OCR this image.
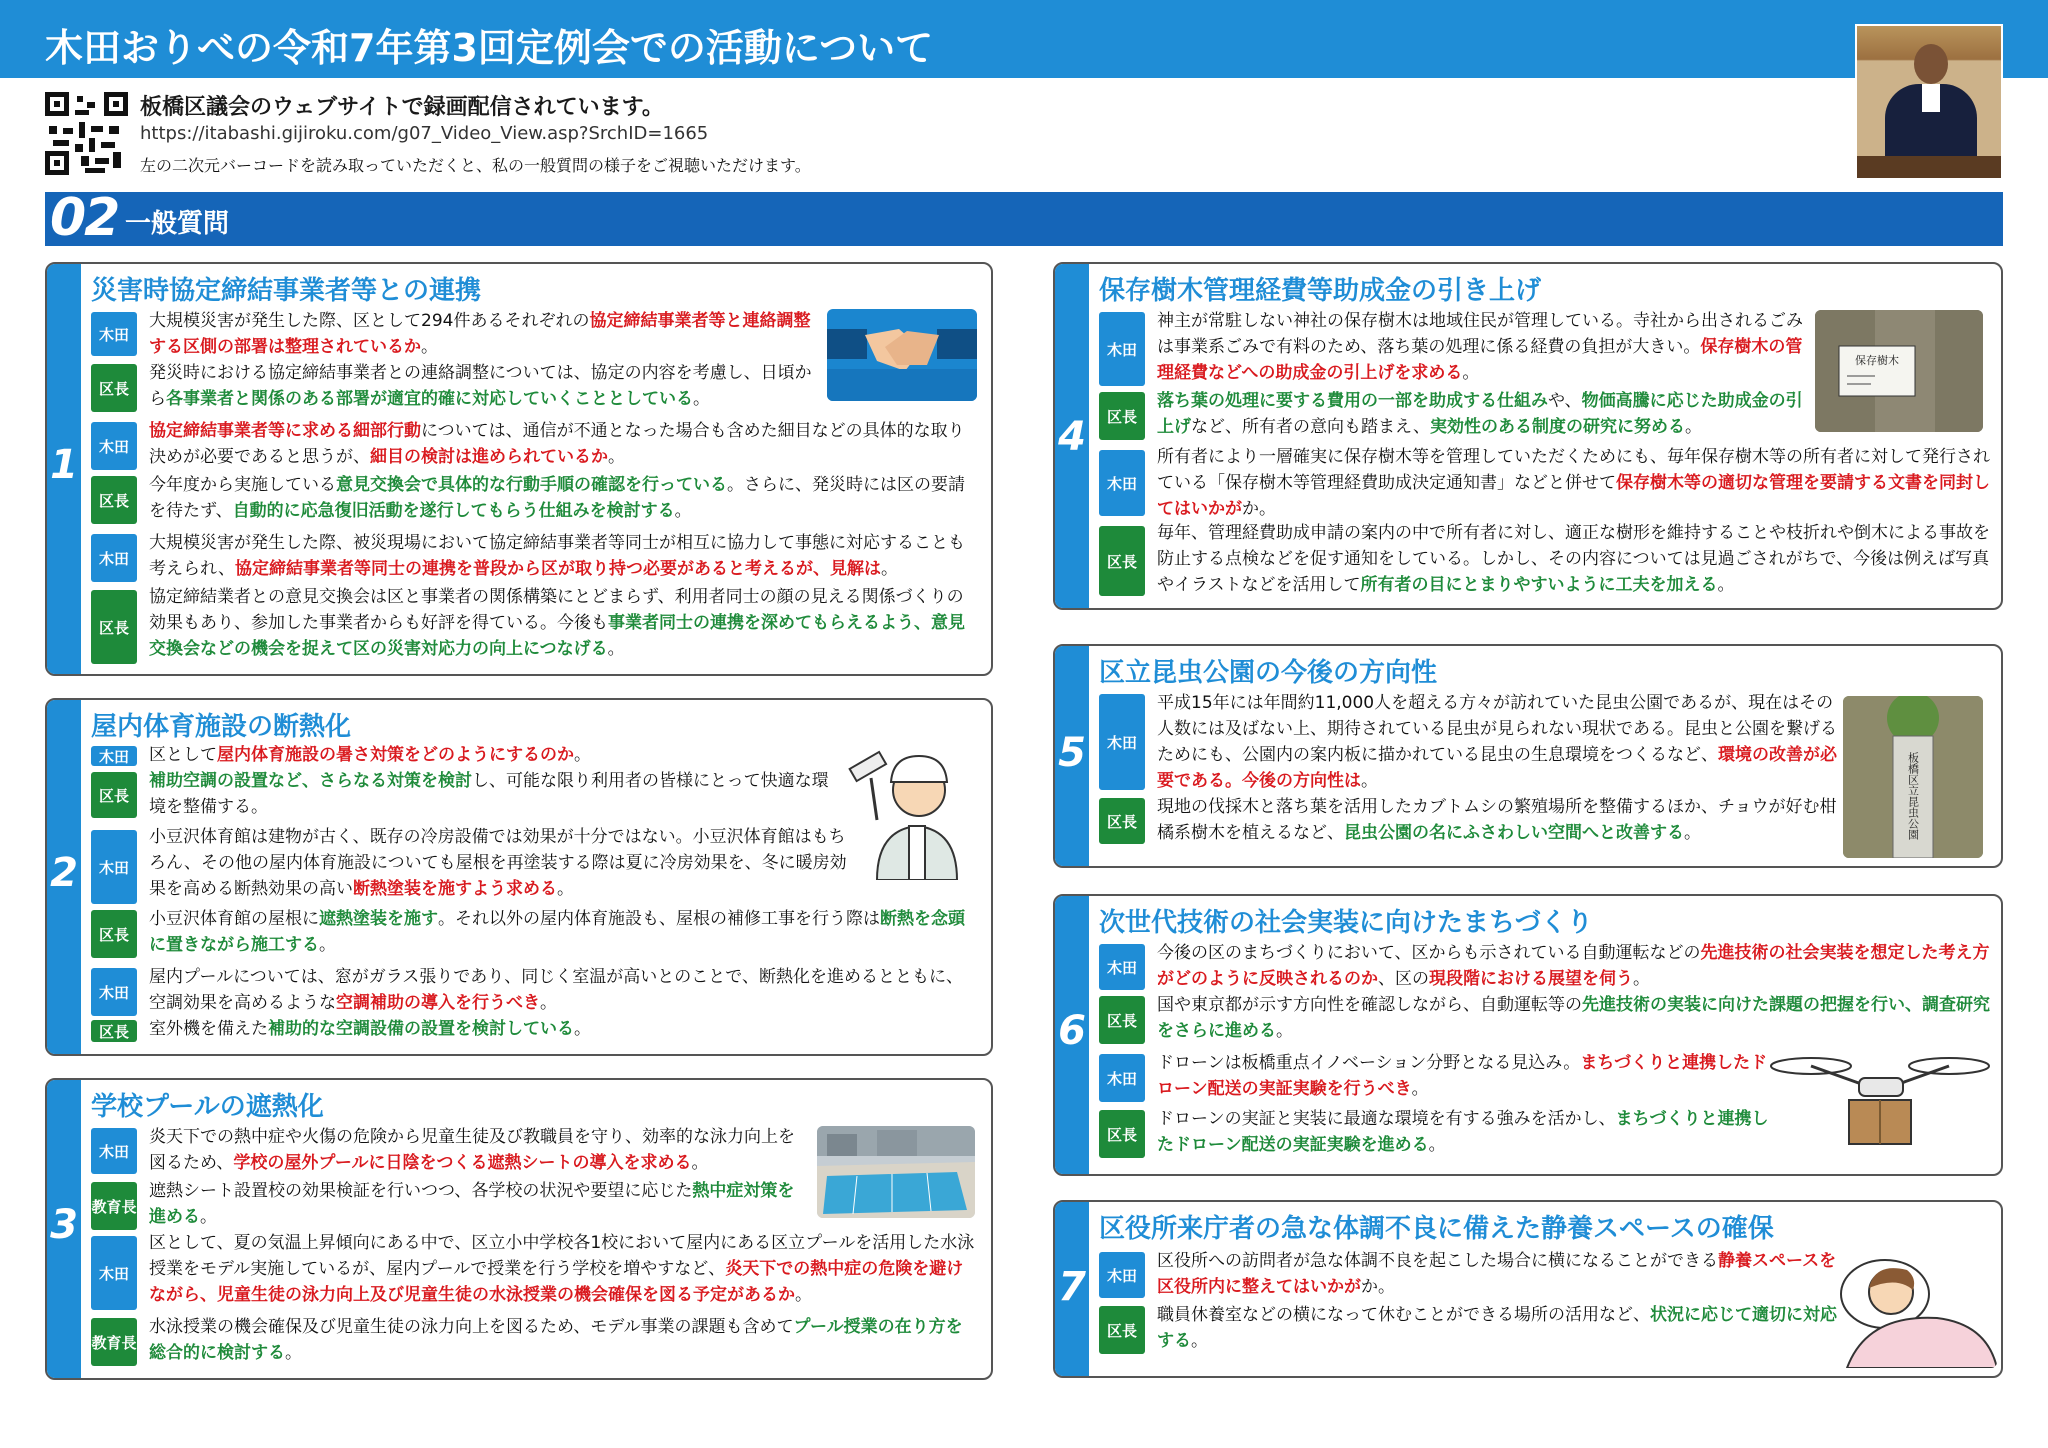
木田おりべの令和7年第3回定例会での活動について
板橋区議会のウェブサイトで録画配信されています。
https://itabashi.gijiroku.com/g07_Video_View.asp?SrchID=1665
左の二次元バーコードを読み取っていただくと、私の一般質問の様子をご視聴いただけます。
02 一般質問
1
災害時協定締結事業者等との連携
木田
大規模災害が発生した際、区として294件あるそれぞれの協定締結事業者等と連絡調整する区側の部署は整理されているか。
区長
発災時における協定締結事業者との連絡調整については、協定の内容を考慮し、日頃から各事業者と関係のある部署が適宜的確に対応していくこととしている。
木田
協定締結事業者等に求める細部行動については、通信が不通となった場合も含めた細目などの具体的な取り決めが必要であると思うが、細目の検討は進められているか。
区長
今年度から実施している意見交換会で具体的な行動手順の確認を行っている。さらに、発災時には区の要請を待たず、自動的に応急復旧活動を遂行してもらう仕組みを検討する。
木田
大規模災害が発生した際、被災現場において協定締結事業者等同士が相互に協力して事態に対応することも考えられ、協定締結事業者等同士の連携を普段から区が取り持つ必要があると考えるが、見解は。
区長
協定締結業者との意見交換会は区と事業者の関係構築にとどまらず、利用者同士の顔の見える関係づくりの効果もあり、参加した事業者からも好評を得ている。今後も事業者同士の連携を深めてもらえるよう、意見交換会などの機会を捉えて区の災害対応力の向上につなげる。
2
屋内体育施設の断熱化
木田	区として屋内体育施設の暑さ対策をどのようにするのか。
区長
補助空調の設置など、さらなる対策を検討し、可能な限り利用者の皆様にとって快適な環境を整備する。
木田
小豆沢体育館は建物が古く、既存の冷房設備では効果が十分ではない。小豆沢体育館はもちろん、その他の屋内体育施設についても屋根を再塗装する際は夏に冷房効果を、冬に暖房効果を高める断熱効果の高い断熱塗装を施すよう求める。
区長
小豆沢体育館の屋根に遮熱塗装を施す。それ以外の屋内体育施設も、屋根の補修工事を行う際は断熱を念頭に置きながら施工する。
木田
屋内プールについては、窓がガラス張りであり、同じく室温が高いとのことで、断熱化を進めるとともに、空調効果を高めるような空調補助の導入を行うべき。
区長	室外機を備えた補助的な空調設備の設置を検討している。
3
学校プールの遮熱化
木田
炎天下での熱中症や火傷の危険から児童生徒及び教職員を守り、効率的な泳力向上を図るため、学校の屋外プールに日陰をつくる遮熱シートの導入を求める。
教育長
遮熱シート設置校の効果検証を行いつつ、各学校の状況や要望に応じた熱中症対策を進める。
木田
区として、夏の気温上昇傾向にある中で、区立小中学校各1校において屋内にある区立プールを活用した水泳授業をモデル実施しているが、屋内プールで授業を行う学校を増やすなど、炎天下での熱中症の危険を避けながら、児童生徒の泳力向上及び児童生徒の水泳授業の機会確保を図る予定があるか。
教育長
水泳授業の機会確保及び児童生徒の泳力向上を図るため、モデル事業の課題も含めてプール授業の在り方を総合的に検討する。
4
保存樹木管理経費等助成金の引き上げ
保存樹木
木田
神主が常駐しない神社の保存樹木は地域住民が管理している。寺社から出されるごみは事業系ごみで有料のため、落ち葉の処理に係る経費の負担が大きい。保存樹木の管理経費などへの助成金の引上げを求める。
区長
落ち葉の処理に要する費用の一部を助成する仕組みや、物価高騰に応じた助成金の引上げなど、所有者の意向も踏まえ、実効性のある制度の研究に努める。
木田
所有者により一層確実に保存樹木等を管理していただくためにも、毎年保存樹木等の所有者に対して発行されている「保存樹木等管理経費助成決定通知書」などと併せて保存樹木等の適切な管理を要請する文書を同封してはいかがか。
区長
毎年、管理経費助成申請の案内の中で所有者に対し、適正な樹形を維持することや枝折れや倒木による事故を防止する点検などを促す通知をしている。しかし、その内容については見過ごされがちで、今後は例えば写真やイラストなどを活用して所有者の目にとまりやすいように工夫を加える。
5
区立昆虫公園の今後の方向性
板橋区立昆虫公園
木田
平成15年には年間約11,000人を超える方々が訪れていた昆虫公園であるが、現在はその人数には及ばない上、期待されている昆虫が見られない現状である。昆虫と公園を繋げるためにも、公園内の案内板に描かれている昆虫の生息環境をつくるなど、環境の改善が必要である。今後の方向性は。
区長
現地の伐採木と落ち葉を活用したカブトムシの繁殖場所を整備するほか、チョウが好む柑橘系樹木を植えるなど、昆虫公園の名にふさわしい空間へと改善する。
6
次世代技術の社会実装に向けたまちづくり
木田
今後の区のまちづくりにおいて、区からも示されている自動運転などの先進技術の社会実装を想定した考え方がどのように反映されるのか、区の現段階における展望を伺う。
区長
国や東京都が示す方向性を確認しながら、自動運転等の先進技術の実装に向けた課題の把握を行い、調査研究をさらに進める。
木田
ドローンは板橋重点イノベーション分野となる見込み。まちづくりと連携したドローン配送の実証実験を行うべき。
区長
ドローンの実証と実装に最適な環境を有する強みを活かし、まちづくりと連携したドローン配送の実証実験を進める。
7
区役所来庁者の急な体調不良に備えた静養スペースの確保
木田
区役所への訪問者が急な体調不良を起こした場合に横になることができる静養スペースを区役所内に整えてはいかがか。
区長
職員休養室などの横になって休むことができる場所の活用など、状況に応じて適切に対応する。
